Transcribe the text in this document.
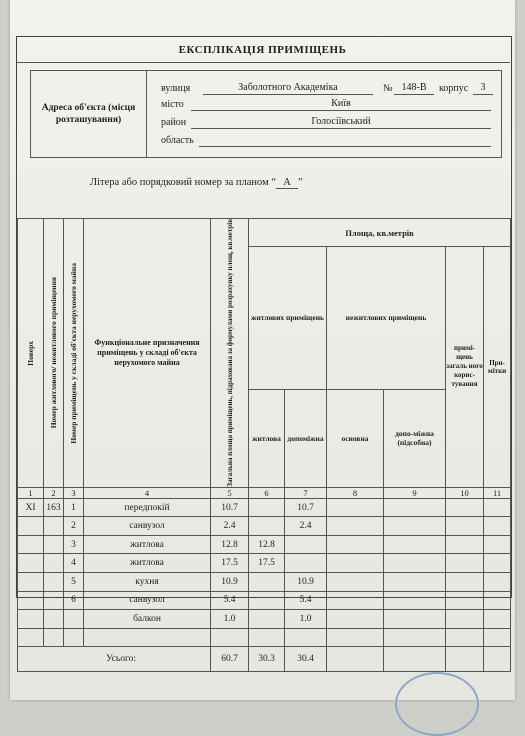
ЕКСПЛІКАЦІЯ ПРИМІЩЕНЬ
Адреса об'єкта (місця розташування)
вулиця	Заболотного Академіка	№ 148-В	корпус	3
місто	Київ
район	Голосіївський
область
Літера або порядковий номер за планом “ А ”
Поверх	Номер житлового/ нежитлового приміщення	Номер приміщень у складі об'єкта нерухомого майна	Функціональне призначення приміщень у складі об'єкта нерухомого майна	Загальна площа приміщень, підрахована за формулами розрахунку площ, кв.метрів	Площа, кв.метрів					
					житлових приміщень		нежитлових приміщень		примі-щень загаль ного корис-тування	При-мітки
					житлова	допоміжна	основна	допо-міжна (підсобна)		
1	2	3	4	5	6	7	8	9	10	11
XI	163	1	передпокій	10.7		10.7				
		2	санвузол	2.4		2.4				
		3	житлова	12.8	12.8					
		4	житлова	17.5	17.5					
		5	кухня	10.9		10.9				
		6	санвузол	5.4		5.4				
			балкон	1.0		1.0				

Усього:				60.7	30.3	30.4				
